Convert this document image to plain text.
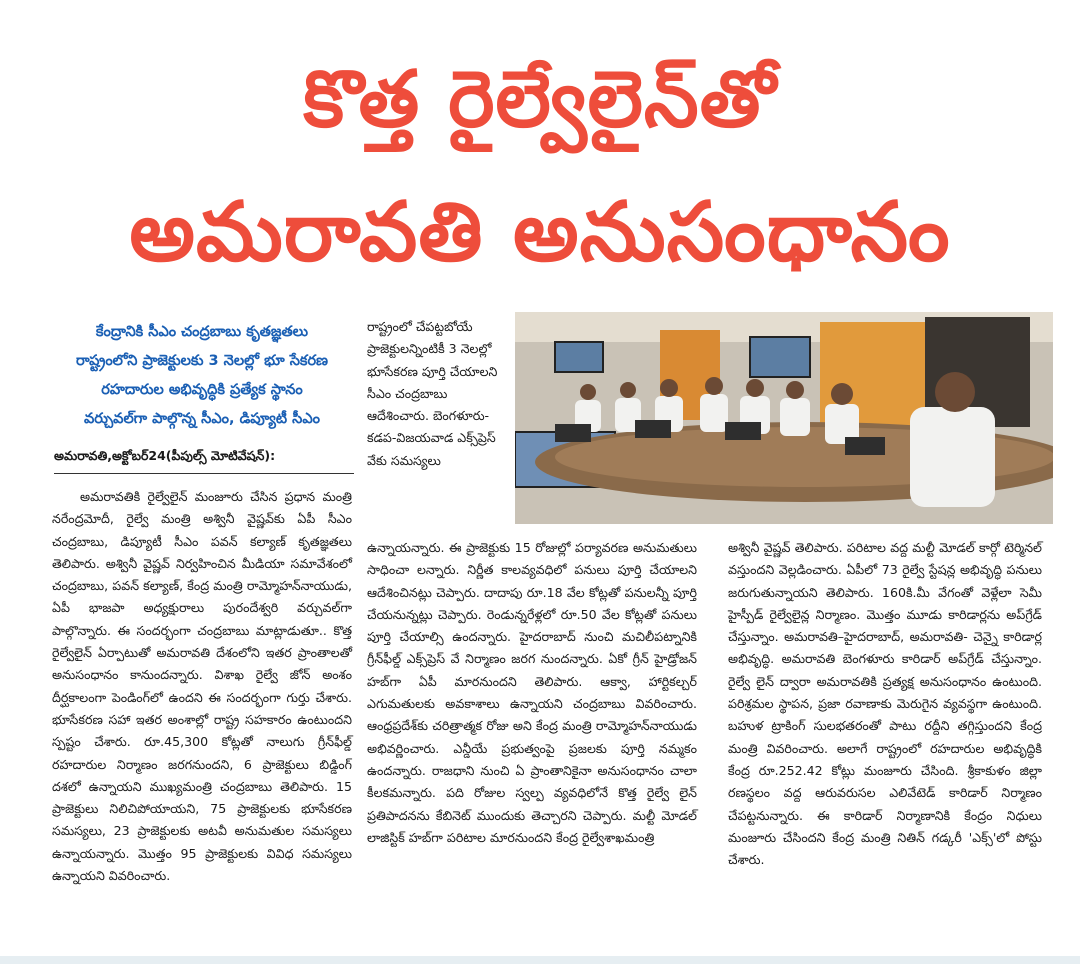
కొత్త రైల్వేలైన్‌తో
అమరావతి అనుసంధానం
కేంద్రానికి సీఎం చంద్రబాబు కృతజ్ఞతలు
రాష్ట్రంలోని ప్రాజెక్టులకు 3 నెలల్లో భూ సేకరణ
రహదారుల అభివృద్ధికి ప్రత్యేక స్థానం
వర్చువల్‌గా పాల్గొన్న సీఎం, డిప్యూటీ సీఎం
అమరావతి,అక్టోబర్24(పీపుల్స్ మోటివేషన్):
అమరావతికి రైల్వేలైన్ మంజూరు చేసిన ప్రధాన మంత్రి నరేంద్రమోదీ, రైల్వే మంత్రి అశ్వినీ వైష్ణవ్‌కు ఏపీ సీఎం చంద్రబాబు, డిప్యూటీ సీఎం పవన్ కల్యాణ్ కృతజ్ఞతలు తెలిపారు. అశ్వినీ వైష్ణవ్ నిర్వహించిన మీడియా సమావేశంలో చంద్రబాబు, పవన్ కల్యాణ్, కేంద్ర మంత్రి రామ్మోహన్‌నాయుడు, ఏపీ భాజపా అధ్యక్షురాలు పురందేశ్వరి వర్చువల్‌గా పాల్గొన్నారు. ఈ సందర్భంగా చంద్రబాబు మాట్లాడుతూ.. కొత్త రైల్వేలైన్ ఏర్పాటుతో అమరావతి దేశంలోని ఇతర ప్రాంతాలతో అనుసంధానం కానుందన్నారు. విశాఖ రైల్వే జోన్ అంశం దీర్ఘకాలంగా పెండింగ్‌లో ఉందని ఈ సందర్భంగా గుర్తు చేశారు. భూసేకరణ సహా ఇతర అంశాల్లో రాష్ట్ర సహకారం ఉంటుందని స్పష్టం చేశారు. రూ.45,300 కోట్లతో నాలుగు గ్రీన్‌ఫీల్డ్ రహదారుల నిర్మాణం జరగనుందని, 6 ప్రాజెక్టులు బిడ్డింగ్ దశలో ఉన్నాయని ముఖ్యమంత్రి చంద్రబాబు తెలిపారు. 15 ప్రాజెక్టులు నిలిచిపోయాయని, 75 ప్రాజెక్టులకు భూసేకరణ సమస్యలు, 23 ప్రాజెక్టులకు అటవీ అనుమతుల సమస్యలు ఉన్నాయన్నారు. మొత్తం 95 ప్రాజెక్టులకు వివిధ సమస్యలు ఉన్నాయని వివరించారు.
రాష్ట్రంలో చేపట్టబోయే ప్రాజెక్టులన్నింటికీ 3 నెలల్లో భూసేకరణ పూర్తి చేయాలని సీఎం చంద్రబాబు ఆదేశించారు. బెంగళూరు- కడప-విజయవాడ ఎక్స్‌ప్రెస్ వేకు సమస్యలు
ఉన్నాయన్నారు. ఈ ప్రాజెక్టుకు 15 రోజుల్లో పర్యావరణ అనుమతులు సాధించా లన్నారు. నిర్ణీత కాలవ్యవధిలో పనులు పూర్తి చేయాలని ఆదేశించినట్లు చెప్పారు. దాదాపు రూ.18 వేల కోట్లతో పనులన్నీ పూర్తి చేయనున్నట్లు చెప్పారు. రెండున్నరేళ్లలో రూ.50 వేల కోట్లతో పనులు పూర్తి చేయాల్సి ఉందన్నారు. హైదరాబాద్ నుంచి మచిలీపట్నానికి గ్రీన్‌ఫీల్డ్ ఎక్స్‌ప్రెస్ వే నిర్మాణం జరగ నుందన్నారు. ఏకో గ్రీన్ హైడ్రోజన్ హబ్‌గా ఏపీ మారనుందని తెలిపారు. ఆక్వా, హార్టికల్చర్ ఎగుమతులకు అవకాశాలు ఉన్నాయని చంద్రబాబు వివరించారు. ఆంధ్రప్రదేశ్‌కు చరిత్రాత్మక రోజు అని కేంద్ర మంత్రి రామ్మోహన్‌నాయుడు అభివర్ణించారు. ఎన్డీయే ప్రభుత్వంపై ప్రజలకు పూర్తి నమ్మకం ఉందన్నారు. రాజధాని నుంచి ఏ ప్రాంతానికైనా అనుసంధానం చాలా కీలకమన్నారు. పది రోజుల స్వల్ప వ్యవధిలోనే కొత్త రైల్వే లైన్ ప్రతిపాదనను కేబినెట్ ముందుకు తెచ్చారని చెప్పారు. మల్టీ మోడల్ లాజిస్టిక్ హబ్‌గా పరిటాల మారనుందని కేంద్ర రైల్వేశాఖమంత్రి
అశ్వినీ వైష్ణవ్ తెలిపారు. పరిటాల వద్ద మల్టీ మోడల్ కార్గో టెర్మినల్ వస్తుందని వెల్లడించారు. ఏపీలో 73 రైల్వే స్టేషన్ల అభివృద్ధి పనులు జరుగుతున్నాయని తెలిపారు. 160కి.మీ వేగంతో వెళ్లేలా సెమీ హైస్పీడ్ రైల్వేలైన్ల నిర్మాణం. మొత్తం మూడు కారిడార్లను అప్‌గ్రేడ్ చేస్తున్నాం. అమరావతి–హైదరాబాద్, అమరావతి- చెన్నై కారిడార్ల అభివృద్ధి. అమరావతి బెంగళూరు కారిడార్ అప్‌గ్రేడ్ చేస్తున్నాం. రైల్వే లైన్ ద్వారా అమరావతికి ప్రత్యక్ష అనుసంధానం ఉంటుంది. పరిశ్రమల స్థాపన, ప్రజా రవాణాకు మెరుగైన వ్యవస్థగా ఉంటుంది. బహుళ ట్రాకింగ్ సులభతరంతో పాటు రద్దీని తగ్గిస్తుందని కేంద్ర మంత్రి వివరించారు. అలాగే రాష్ట్రంలో రహదారుల అభివృద్ధికి కేంద్ర రూ.252.42 కోట్లు మంజూరు చేసింది. శ్రీకాకుళం జిల్లా రణస్థలం వద్ద ఆరువరుసల ఎలివేటెడ్ కారిడార్ నిర్మాణం చేపట్టనున్నారు. ఈ కారిడార్ నిర్మాణానికి కేంద్రం నిధులు మంజూరు చేసిందని కేంద్ర మంత్రి నితిన్ గడ్కరీ 'ఎక్స్'లో పోస్టు చేశారు.
